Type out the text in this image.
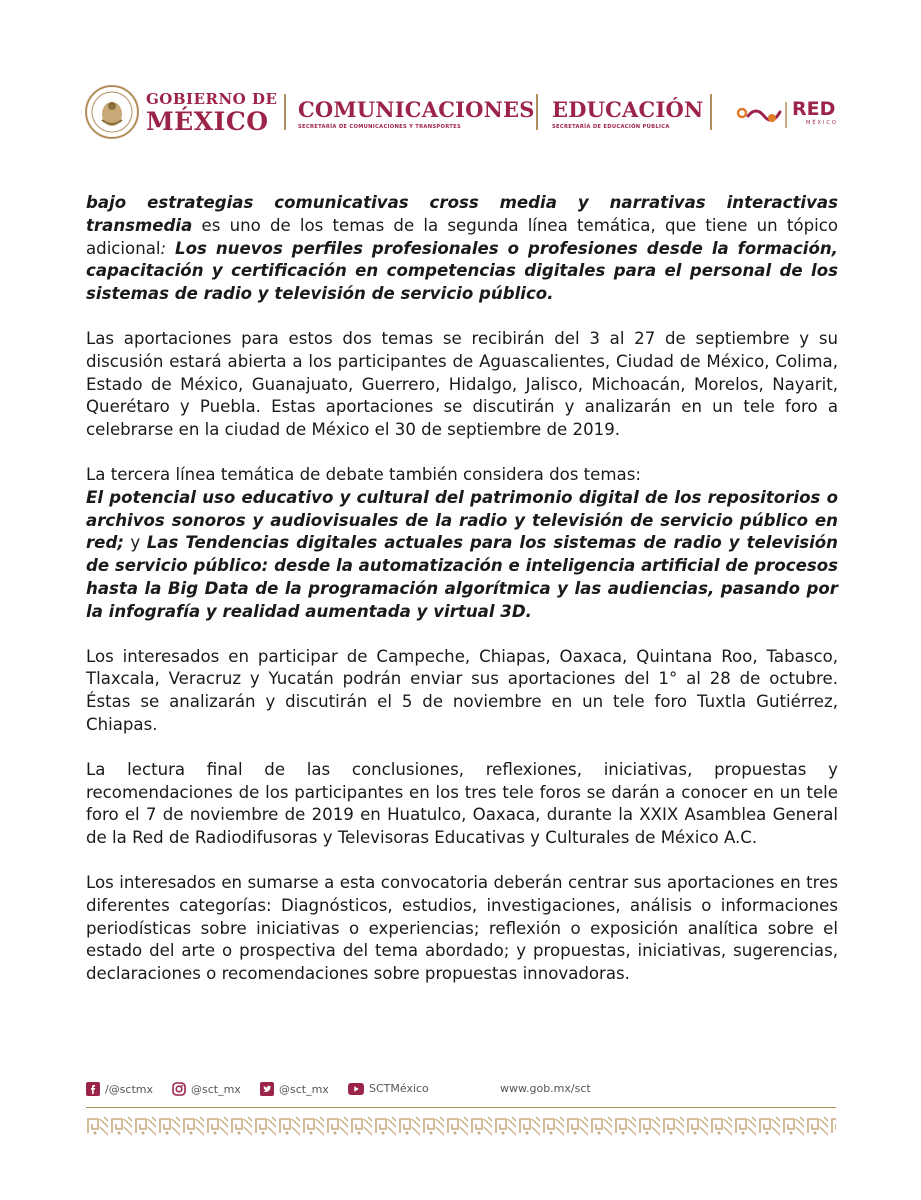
GOBIERNO DE
MÉXICO	COMUNICACIONES
SECRETARÍA DE COMUNICACIONES Y TRANSPORTES
EDUCACIÓN
SECRETARÍA DE EDUCACIÓN PÚBLICA
RED
MÉXICO

bajo estrategias comunicativas cross media y narrativas interactivas transmedia es uno de los temas de la segunda línea temática, que tiene un tópico adicional: Los nuevos perfiles profesionales o profesiones desde la formación, capacitación y certificación en competencias digitales para el personal de los sistemas de radio y televisión de servicio público.

Las aportaciones para estos dos temas se recibirán del 3 al 27 de septiembre y su discusión estará abierta a los participantes de Aguascalientes, Ciudad de México, Colima, Estado de México, Guanajuato, Guerrero, Hidalgo, Jalisco, Michoacán, Morelos, Nayarit, Querétaro y Puebla. Estas aportaciones se discutirán y analizarán en un tele foro a celebrarse en la ciudad de México el 30 de septiembre de 2019.

La tercera línea temática de debate también considera dos temas:
El potencial uso educativo y cultural del patrimonio digital de los repositorios o archivos sonoros y audiovisuales de la radio y televisión de servicio público en red; y Las Tendencias digitales actuales para los sistemas de radio y televisión de servicio público: desde la automatización e inteligencia artificial de procesos hasta la Big Data de la programación algorítmica y las audiencias, pasando por la infografía y realidad aumentada y virtual 3D.

Los interesados en participar de Campeche, Chiapas, Oaxaca, Quintana Roo, Tabasco, Tlaxcala, Veracruz y Yucatán podrán enviar sus aportaciones del 1° al 28 de octubre. Éstas se analizarán y discutirán el 5 de noviembre en un tele foro Tuxtla Gutiérrez, Chiapas.

La lectura final de las conclusiones, reflexiones, iniciativas, propuestas y recomendaciones de los participantes en los tres tele foros se darán a conocer en un tele foro el 7 de noviembre de 2019 en Huatulco, Oaxaca, durante la XXIX Asamblea General de la Red de Radiodifusoras y Televisoras Educativas y Culturales de México A.C.

Los interesados en sumarse a esta convocatoria deberán centrar sus aportaciones en tres diferentes categorías: Diagnósticos, estudios, investigaciones, análisis o informaciones periodísticas sobre iniciativas o experiencias; reflexión o exposición analítica sobre el estado del arte o prospectiva del tema abordado; y propuestas, iniciativas, sugerencias, declaraciones o recomendaciones sobre propuestas innovadoras.

/@sctmx	@sct_mx	@sct_mx	SCTMéxico	www.gob.mx/sct
